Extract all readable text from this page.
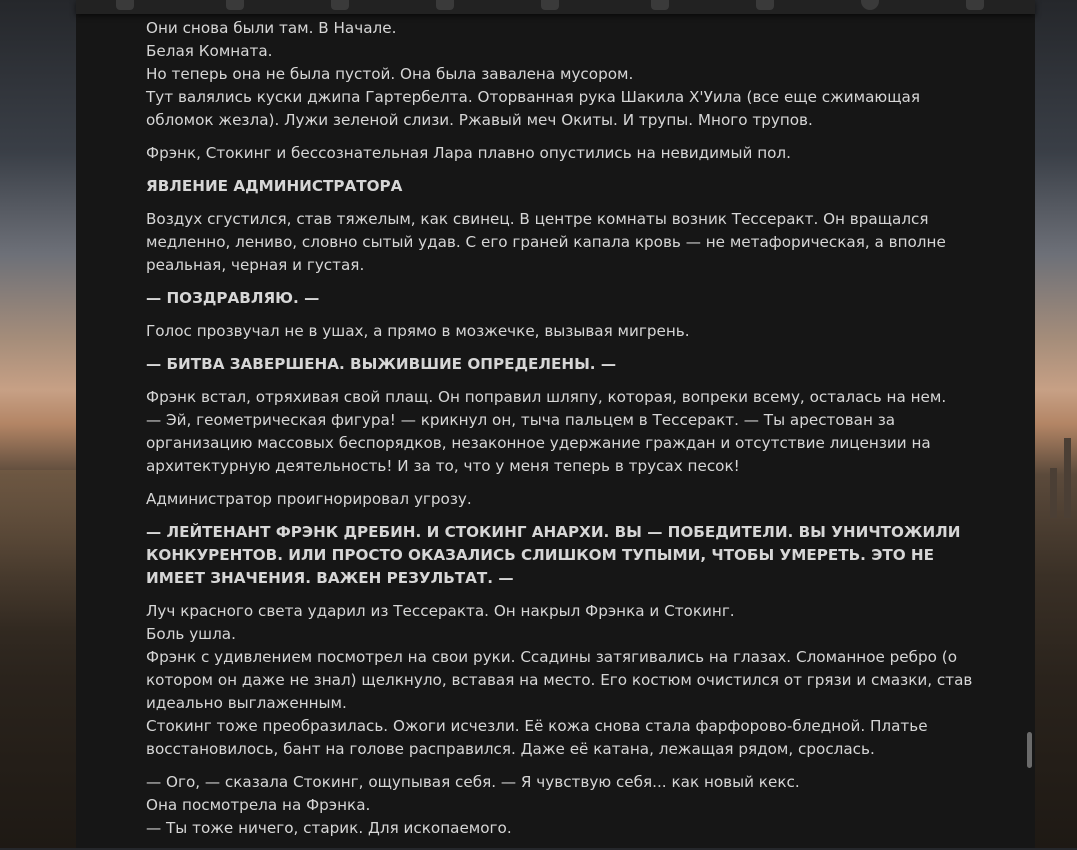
Они снова были там. В Начале.
Белая Комната.
Но теперь она не была пустой. Она была завалена мусором.
Тут валялись куски джипа Гартербелта. Оторванная рука Шакила Х'Уила (все еще сжимающая обломок жезла). Лужи зеленой слизи. Ржавый меч Окиты. И трупы. Много трупов.

Фрэнк, Стокинг и бессознательная Лара плавно опустились на невидимый пол.

ЯВЛЕНИЕ АДМИНИСТРАТОРА

Воздух сгустился, став тяжелым, как свинец. В центре комнаты возник Тессеракт. Он вращался медленно, лениво, словно сытый удав. С его граней капала кровь — не метафорическая, а вполне реальная, черная и густая.

— ПОЗДРАВЛЯЮ. —

Голос прозвучал не в ушах, а прямо в мозжечке, вызывая мигрень.

— БИТВА ЗАВЕРШЕНА. ВЫЖИВШИЕ ОПРЕДЕЛЕНЫ. —

Фрэнк встал, отряхивая свой плащ. Он поправил шляпу, которая, вопреки всему, осталась на нем.
— Эй, геометрическая фигура! — крикнул он, тыча пальцем в Тессеракт. — Ты арестован за организацию массовых беспорядков, незаконное удержание граждан и отсутствие лицензии на архитектурную деятельность! И за то, что у меня теперь в трусах песок!

Администратор проигнорировал угрозу.

— ЛЕЙТЕНАНТ ФРЭНК ДРЕБИН. И СТОКИНГ АНАРХИ. ВЫ — ПОБЕДИТЕЛИ. ВЫ УНИЧТОЖИЛИ КОНКУРЕНТОВ. ИЛИ ПРОСТО ОКАЗАЛИСЬ СЛИШКОМ ТУПЫМИ, ЧТОБЫ УМЕРЕТЬ. ЭТО НЕ ИМЕЕТ ЗНАЧЕНИЯ. ВАЖЕН РЕЗУЛЬТАТ. —

Луч красного света ударил из Тессеракта. Он накрыл Фрэнка и Стокинг.
Боль ушла.
Фрэнк с удивлением посмотрел на свои руки. Ссадины затягивались на глазах. Сломанное ребро (о котором он даже не знал) щелкнуло, вставая на место. Его костюм очистился от грязи и смазки, став идеально выглаженным.
Стокинг тоже преобразилась. Ожоги исчезли. Её кожа снова стала фарфорово-бледной. Платье восстановилось, бант на голове расправился. Даже её катана, лежащая рядом, срослась.

— Ого, — сказала Стокинг, ощупывая себя. — Я чувствую себя... как новый кекс.
Она посмотрела на Фрэнка.
— Ты тоже ничего, старик. Для ископаемого.
